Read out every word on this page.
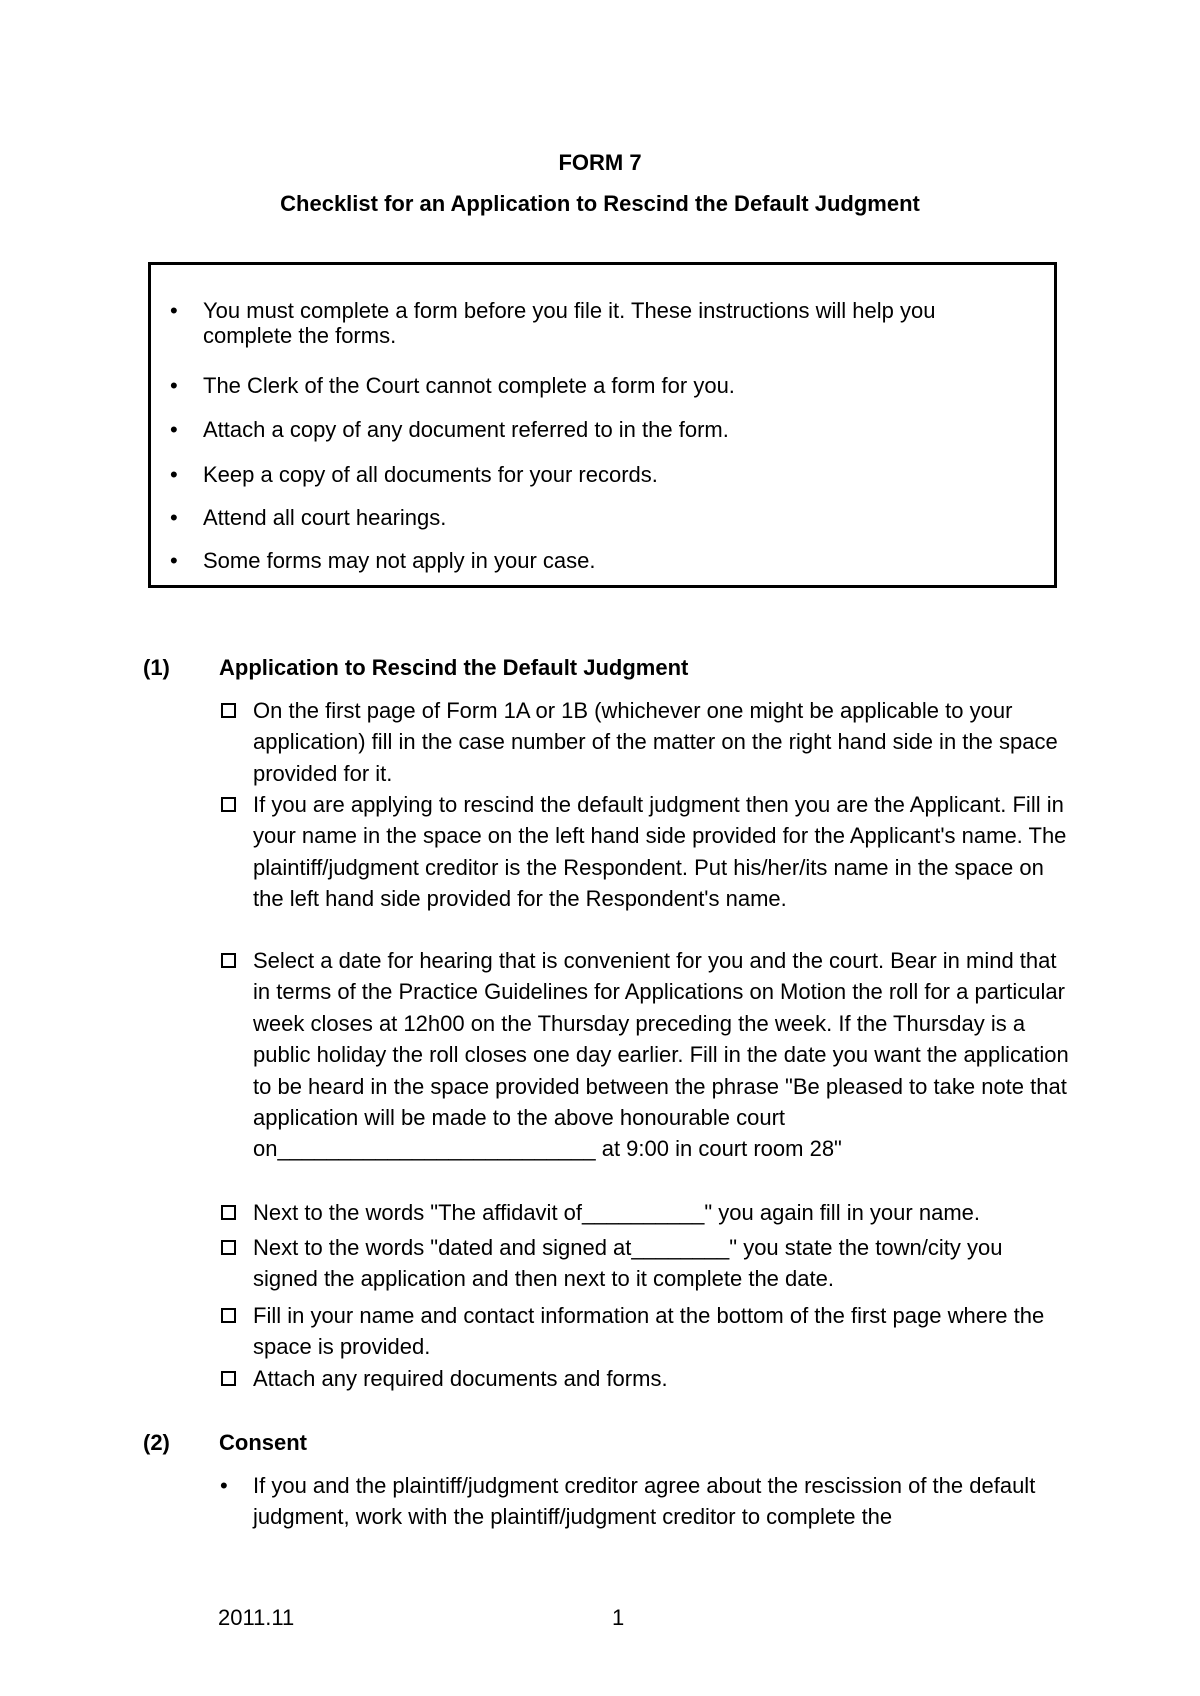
FORM 7
Checklist for an Application to Rescind the Default Judgment
• You must complete a form before you file it. These instructions will help you complete the forms.
• The Clerk of the Court cannot complete a form for you.
• Attach a copy of any document referred to in the form.
• Keep a copy of all documents for your records.
• Attend all court hearings.
• Some forms may not apply in your case.
(1) Application to Rescind the Default Judgment
On the first page of Form 1A or 1B (whichever one might be applicable to your application) fill in the case number of the matter on the right hand side in the space provided for it.
If you are applying to rescind the default judgment then you are the Applicant. Fill in your name in the space on the left hand side provided for the Applicant's name. The plaintiff/judgment creditor is the Respondent. Put his/her/its name in the space on the left hand side provided for the Respondent's name.
Select a date for hearing that is convenient for you and the court. Bear in mind that in terms of the Practice Guidelines for Applications on Motion the roll for a particular week closes at 12h00 on the Thursday preceding the week. If the Thursday is a public holiday the roll closes one day earlier. Fill in the date you want the application to be heard in the space provided between the phrase "Be pleased to take note that application will be made to the above honourable court on__________________________ at 9:00 in court room 28"
Next to the words "The affidavit of__________" you again fill in your name.
Next to the words "dated and signed at________" you state the town/city you signed the application and then next to it complete the date.
Fill in your name and contact information at the bottom of the first page where the space is provided.
Attach any required documents and forms.
(2) Consent
• If you and the plaintiff/judgment creditor agree about the rescission of the default judgment, work with the plaintiff/judgment creditor to complete the
2011.11	1
